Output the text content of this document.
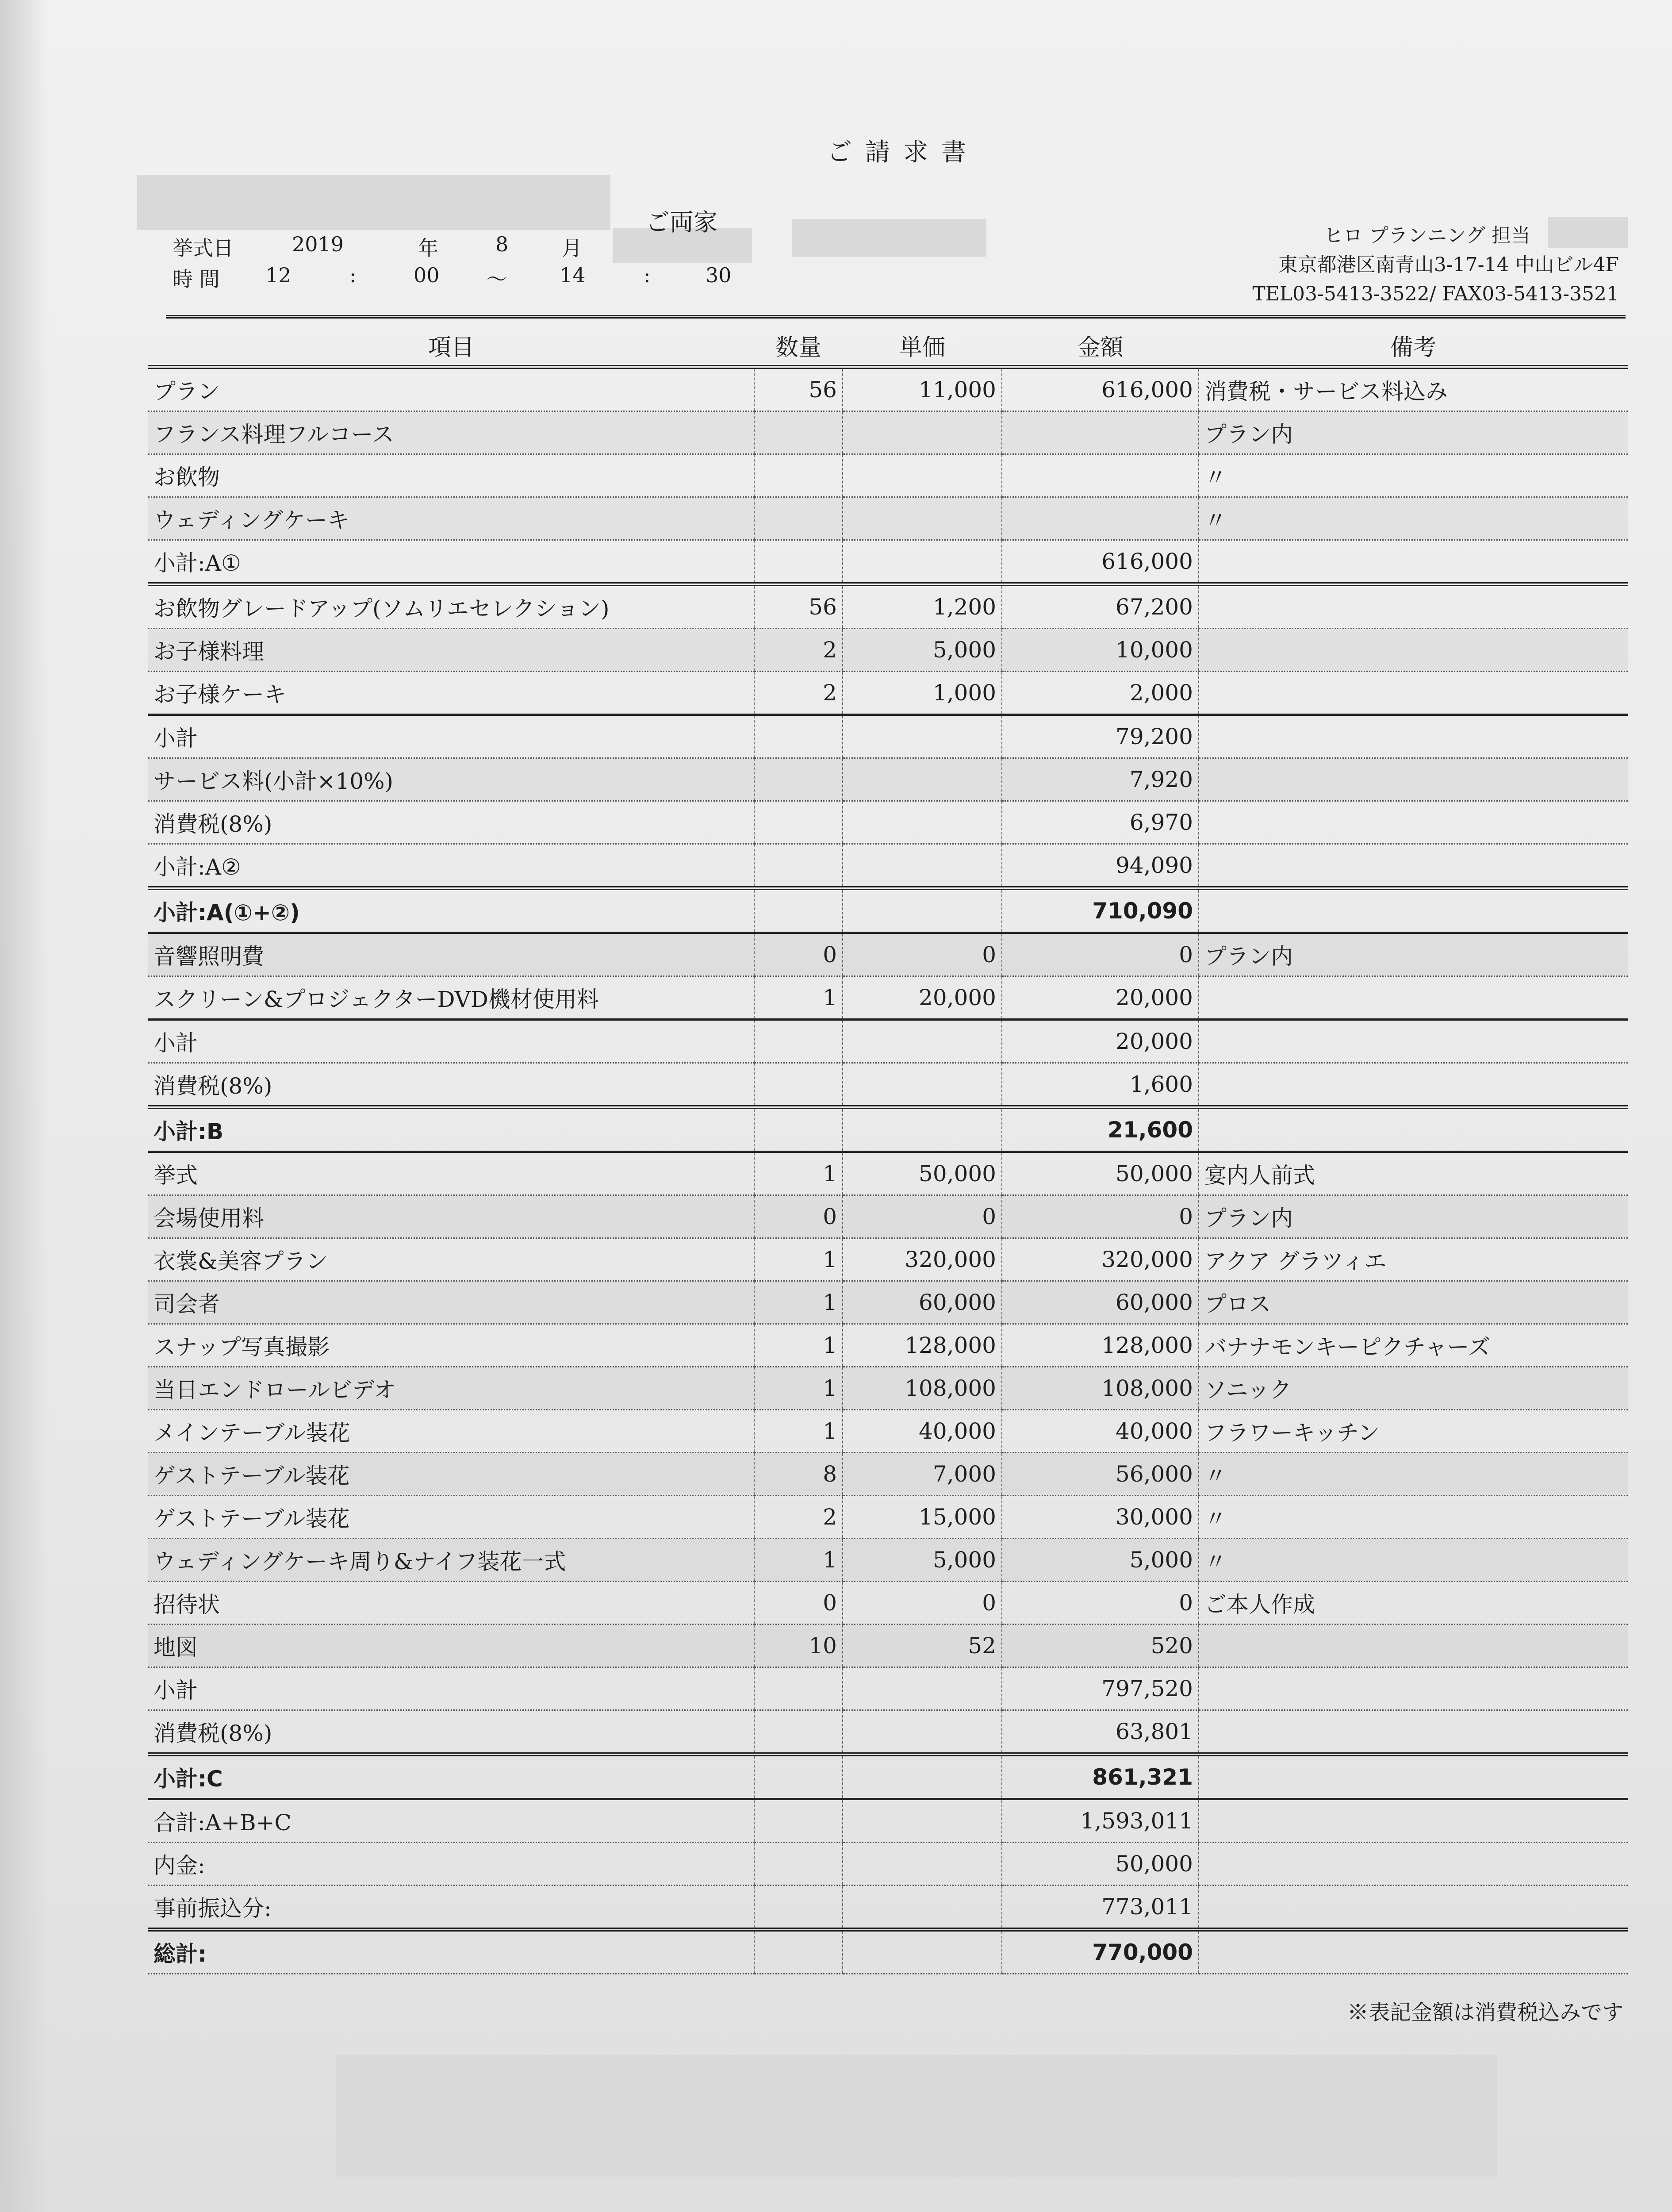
ご請求書
ご両家
挙式日	2019	年	8	月
時 間 12	:	00 〜	14	:	30
ヒロ プランニング 担当
東京都港区南青山3-17-14 中山ビル4F
TEL03-5413-3522/ FAX03-5413-3521
項目	数量	単価	金額	備考
プラン	56	11,000	616,000	消費税・サービス料込み
フランス料理フルコース				プラン内
お飲物				〃
ウェディングケーキ				〃
小計:A①			616,000	
お飲物グレードアップ(ソムリエセレクション)	56	1,200	67,200	
お子様料理	2	5,000	10,000	
お子様ケーキ	2	1,000	2,000	
小計			79,200	
サービス料(小計×10%)			7,920	
消費税(8%)			6,970	
小計:A②			94,090	
小計:A(①+②)			710,090	
音響照明費	0	0	0	プラン内
スクリーン&プロジェクターDVD機材使用料	1	20,000	20,000	
小計			20,000	
消費税(8%)			1,600	
小計:B			21,600	
挙式	1	50,000	50,000	宴内人前式
会場使用料	0	0	0	プラン内
衣裳&美容プラン	1	320,000	320,000	アクア グラツィエ
司会者	1	60,000	60,000	プロス
スナップ写真撮影	1	128,000	128,000	バナナモンキーピクチャーズ
当日エンドロールビデオ	1	108,000	108,000	ソニック
メインテーブル装花	1	40,000	40,000	フラワーキッチン
ゲストテーブル装花	8	7,000	56,000	〃
ゲストテーブル装花	2	15,000	30,000	〃
ウェディングケーキ周り&ナイフ装花一式	1	5,000	5,000	〃
招待状	0	0	0	ご本人作成
地図	10	52	520	
小計			797,520	
消費税(8%)			63,801	
小計:C			861,321	
合計:A+B+C			1,593,011	
内金:			50,000	
事前振込分:			773,011	
総計:			770,000	
※表記金額は消費税込みです
